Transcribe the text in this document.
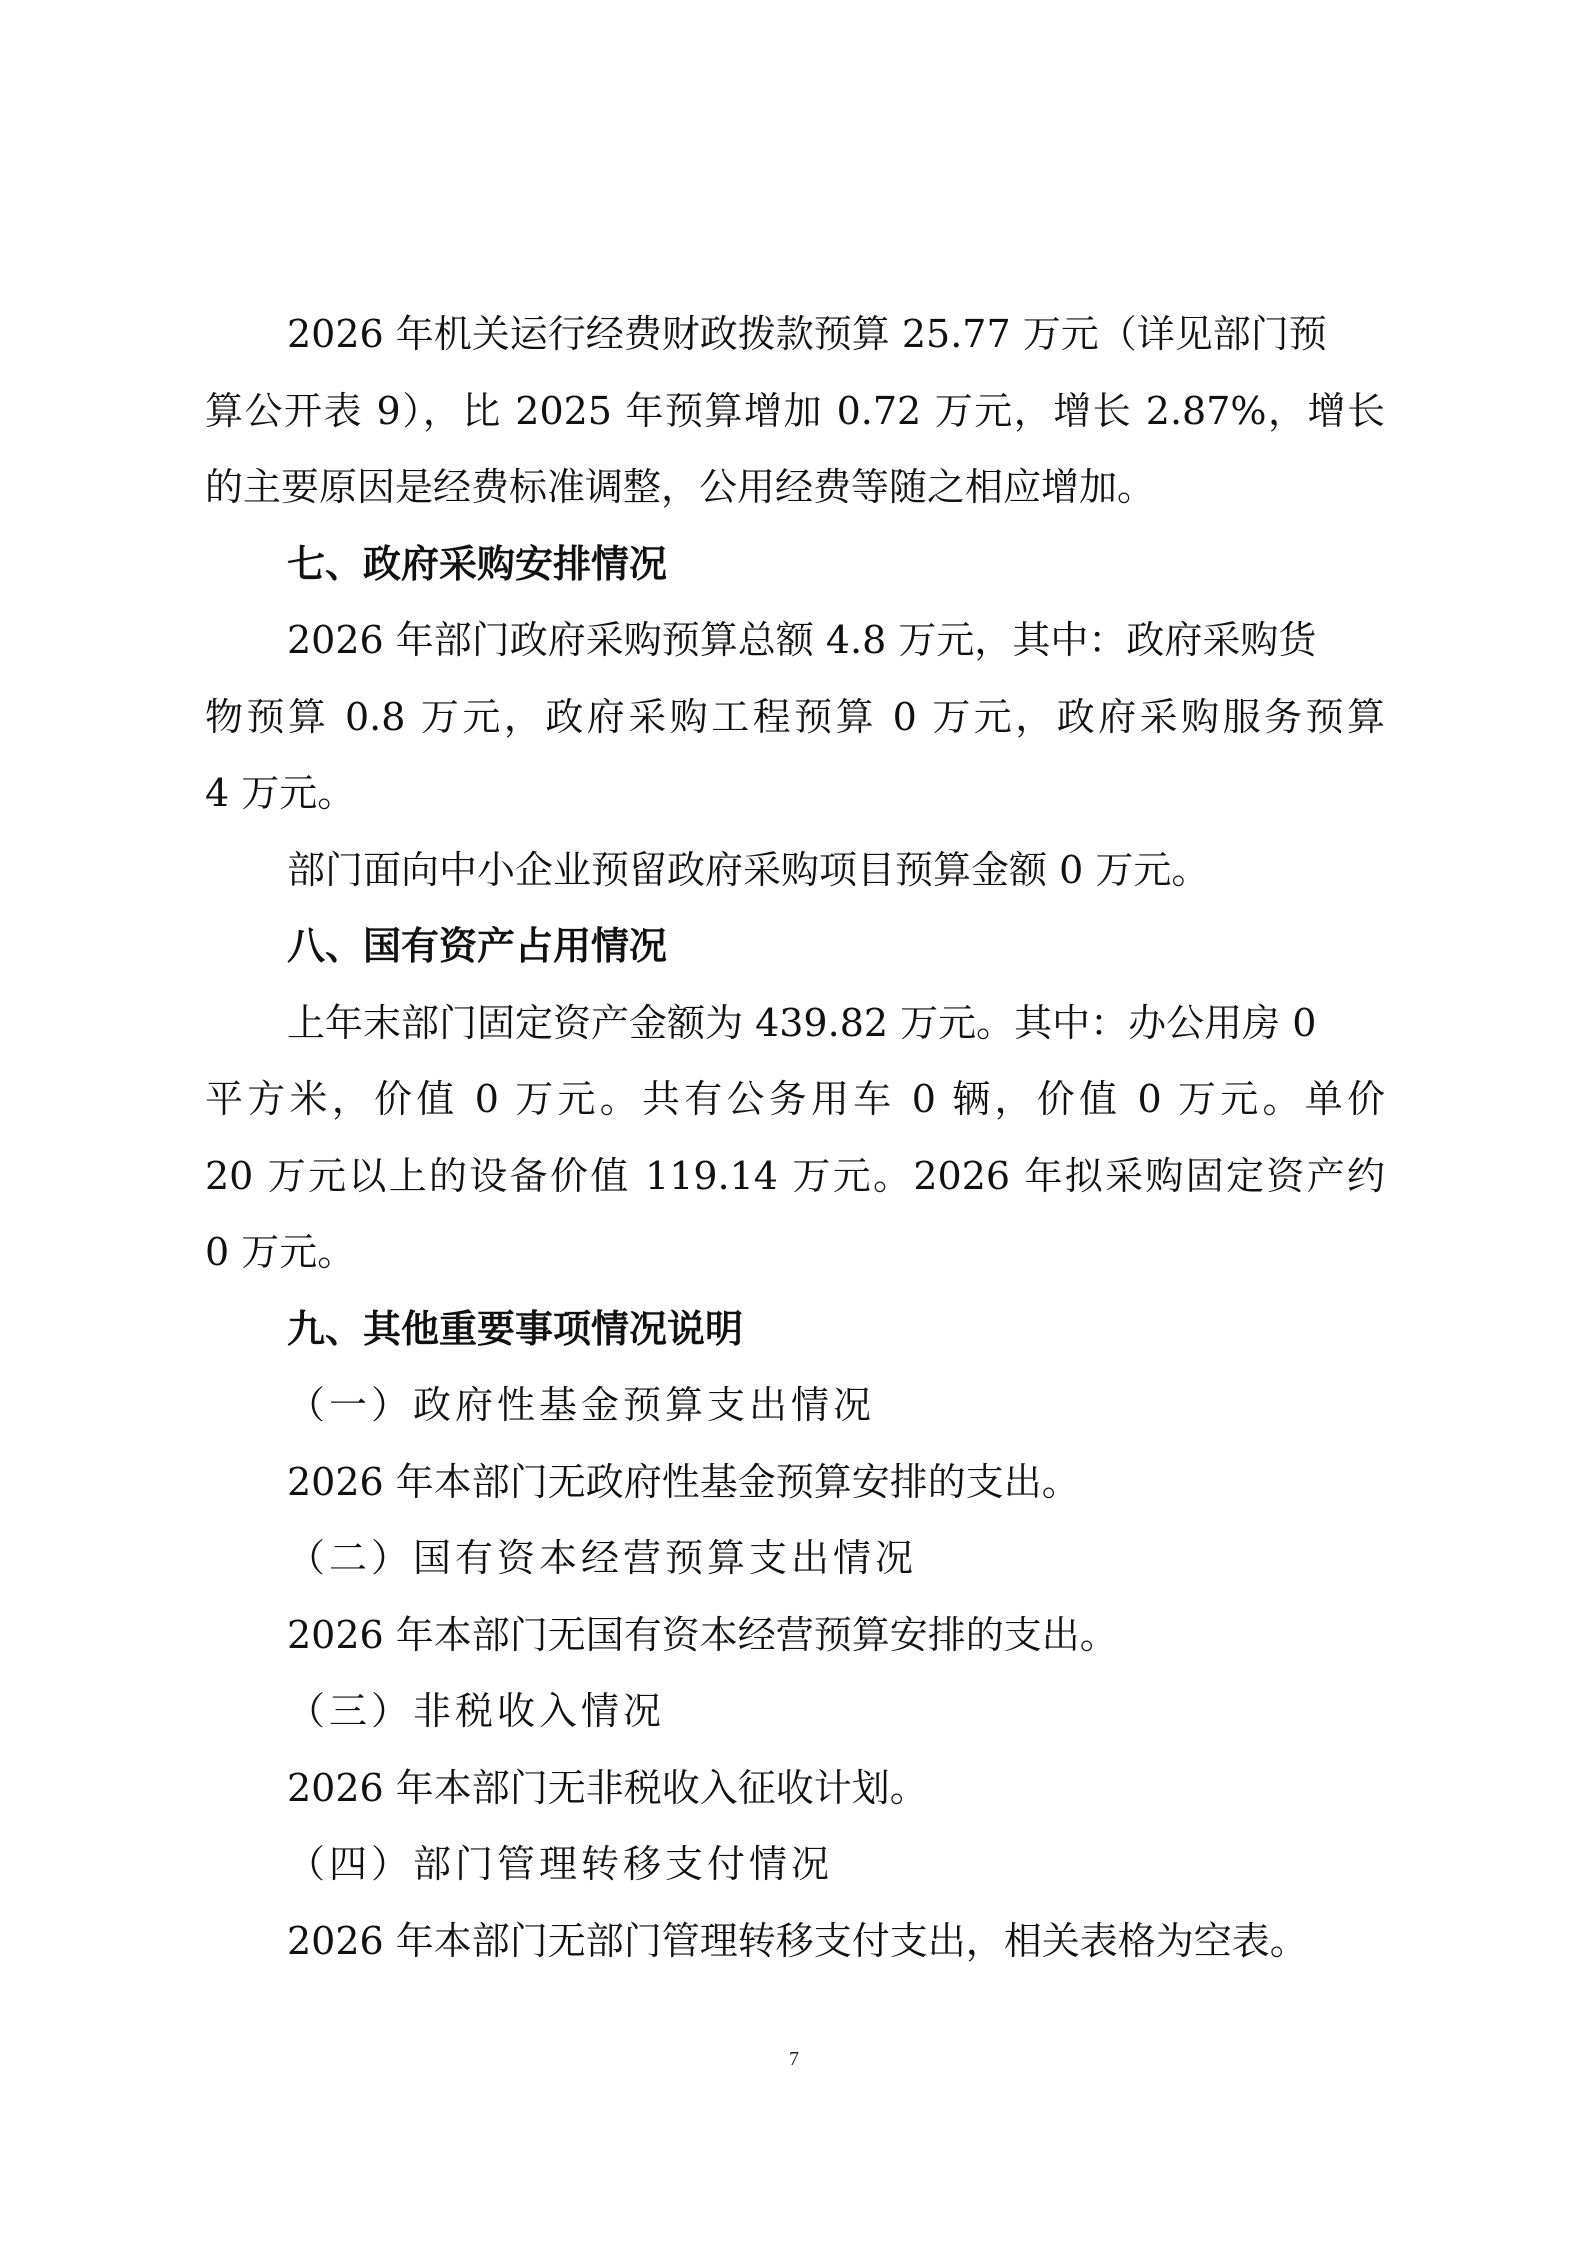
2026 年机关运行经费财政拨款预算 25.77 万元（详见部门预
算公开表 9），比 2025 年预算增加 0.72 万元，增长 2.87%，增长
的主要原因是经费标准调整，公用经费等随之相应增加。
七、政府采购安排情况
2026 年部门政府采购预算总额 4.8 万元，其中：政府采购货
物预算 0.8 万元，政府采购工程预算 0 万元，政府采购服务预算
4 万元。
部门面向中小企业预留政府采购项目预算金额 0 万元。
八、国有资产占用情况
上年末部门固定资产金额为 439.82 万元。其中：办公用房 0
平方米，价值 0 万元。共有公务用车 0 辆，价值 0 万元。单价
20 万元以上的设备价值 119.14 万元。2026 年拟采购固定资产约
0 万元。
九、其他重要事项情况说明
（一）政府性基金预算支出情况
2026 年本部门无政府性基金预算安排的支出。
（二）国有资本经营预算支出情况
2026 年本部门无国有资本经营预算安排的支出。
（三）非税收入情况
2026 年本部门无非税收入征收计划。
（四）部门管理转移支付情况
2026 年本部门无部门管理转移支付支出，相关表格为空表。
7
